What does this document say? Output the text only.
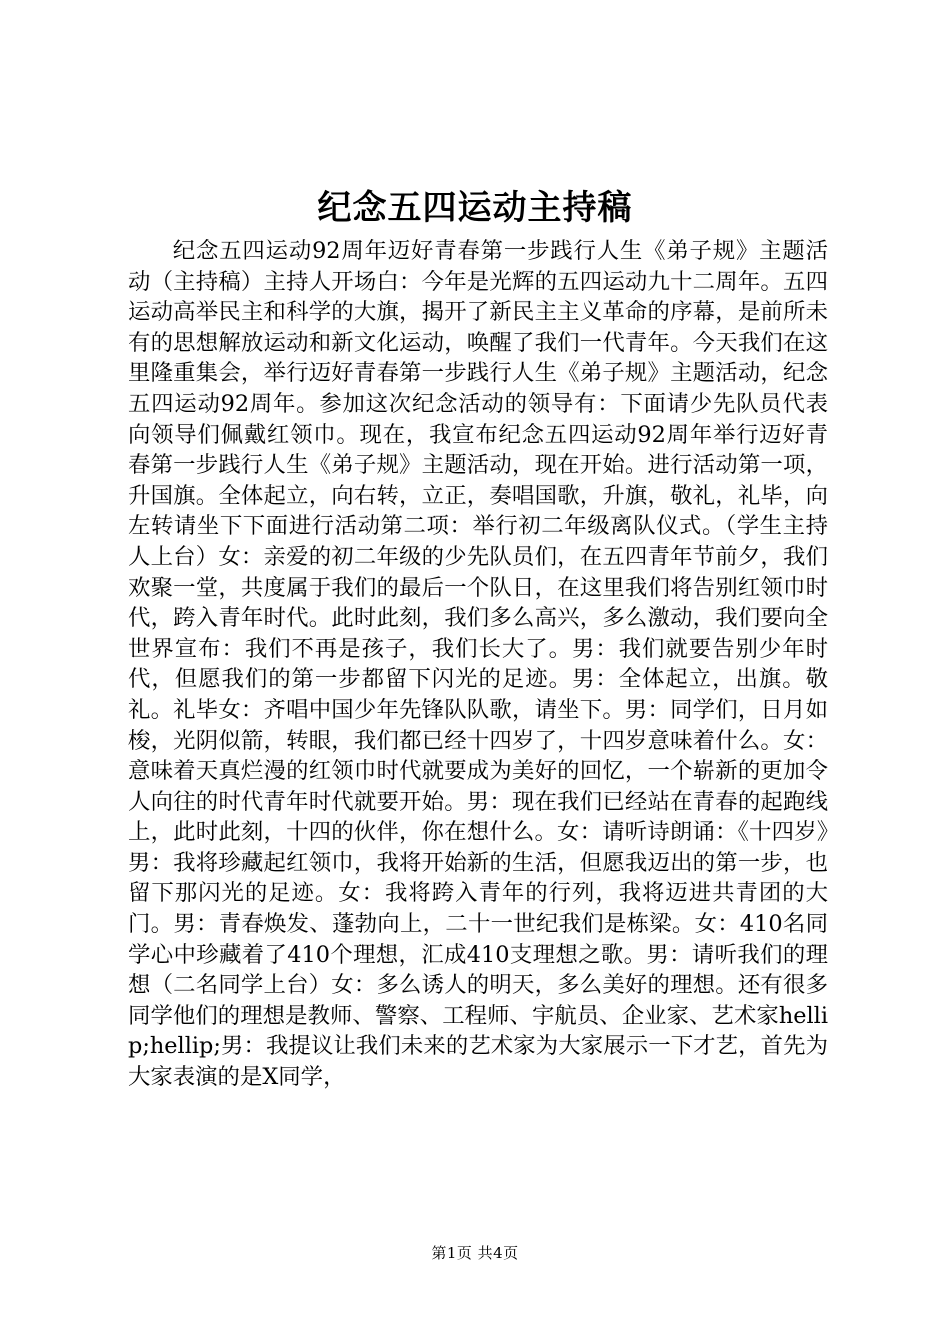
纪念五四运动主持稿

纪念五四运动92周年迈好青春第一步践行人生《弟子规》主题活动（主持稿）主持人开场白：今年是光辉的五四运动九十二周年。五四运动高举民主和科学的大旗，揭开了新民主主义革命的序幕，是前所未有的思想解放运动和新文化运动，唤醒了我们一代青年。今天我们在这里隆重集会，举行迈好青春第一步践行人生《弟子规》主题活动，纪念五四运动92周年。参加这次纪念活动的领导有：下面请少先队员代表向领导们佩戴红领巾。现在，我宣布纪念五四运动92周年举行迈好青春第一步践行人生《弟子规》主题活动，现在开始。进行活动第一项，升国旗。全体起立，向右转，立正，奏唱国歌，升旗，敬礼，礼毕，向左转请坐下下面进行活动第二项：举行初二年级离队仪式。（学生主持人上台）女：亲爱的初二年级的少先队员们，在五四青年节前夕，我们欢聚一堂，共度属于我们的最后一个队日，在这里我们将告别红领巾时代，跨入青年时代。此时此刻，我们多么高兴，多么激动，我们要向全世界宣布：我们不再是孩子，我们长大了。男：我们就要告别少年时代，但愿我们的第一步都留下闪光的足迹。男：全体起立，出旗。敬礼。礼毕女：齐唱中国少年先锋队队歌，请坐下。男：同学们，日月如梭，光阴似箭，转眼，我们都已经十四岁了，十四岁意味着什么。女：意味着天真烂漫的红领巾时代就要成为美好的回忆，一个崭新的更加令人向往的时代青年时代就要开始。男：现在我们已经站在青春的起跑线上，此时此刻，十四的伙伴，你在想什么。女：请听诗朗诵：《十四岁》男：我将珍藏起红领巾，我将开始新的生活，但愿我迈出的第一步，也留下那闪光的足迹。女：我将跨入青年的行列，我将迈进共青团的大门。男：青春焕发、蓬勃向上，二十一世纪我们是栋梁。女：410名同学心中珍藏着了410个理想，汇成410支理想之歌。男：请听我们的理想（二名同学上台）女：多么诱人的明天，多么美好的理想。还有很多同学他们的理想是教师、警察、工程师、宇航员、企业家、艺术家hellip;hellip;男：我提议让我们未来的艺术家为大家展示一下才艺，首先为大家表演的是X同学，

第1页 共4页
